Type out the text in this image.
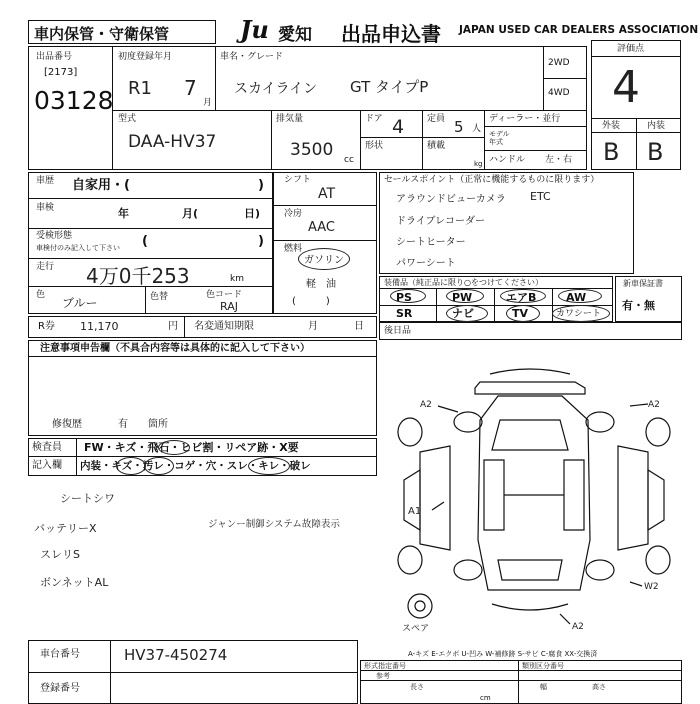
車内保管・守衛保管	Ju 愛知 出品申込書 JAPAN USED CAR DEALERS ASSOCIATION
出品番号
[2173]
03128
初度登録年月
R1 7
月
車名・グレード
スカイライン GT タイプP
2WD
4WD
型式
DAA-HV37
排気量
3500 cc
ドア 4
形状
定員 5 人
積載
kg
ディーラー・並行
モデル
年式
ハンドル 左・右
評価点
4
外装	内装
B B
車歴 自家用・(	)
車検	年	月(	日)
受検形態
車検付のみ記入して下さい (	)
走行 4万0千253	km
色
ブルー	色替	色コード
RAJ
シフト
AT
冷房
AAC
燃料
ガソリン
軽　油
(　　　)
R券 11,170	円 名変通知期限	月	日
セールスポイント（正常に機能するものに限ります）
アラウンドビューカメラ ETC
ドライブレコーダー
シートヒーター
パワーシート
装備品（純正品に限り○をつけてください）
PS	PW	エアB	AW
SR	ナビ	TV	カワシート
新車保証書
有・無
後日品
注意事項申告欄（不具合内容等は具体的に記入して下さい）
修復歴	有 箇所
検査員
記入欄
FW・キズ・飛石・ヒビ割・リペア跡・X要
内装・キズ・汚レ・コゲ・穴・スレ・キレ・破レ
シートシワ
バッテリーX
スレリS
ボンネットAL
ジャンー制御システム故障表示
A2	A2
A1
W2
A2
スペア
A-キズ E-エクボ U-凹み W-補修跡 S-サビ C-腐食 XX-交換済
車台番号	HV37-450274
登録番号
形式指定番号	類別区分番号
参考
長さ	幅	高さ
cm
